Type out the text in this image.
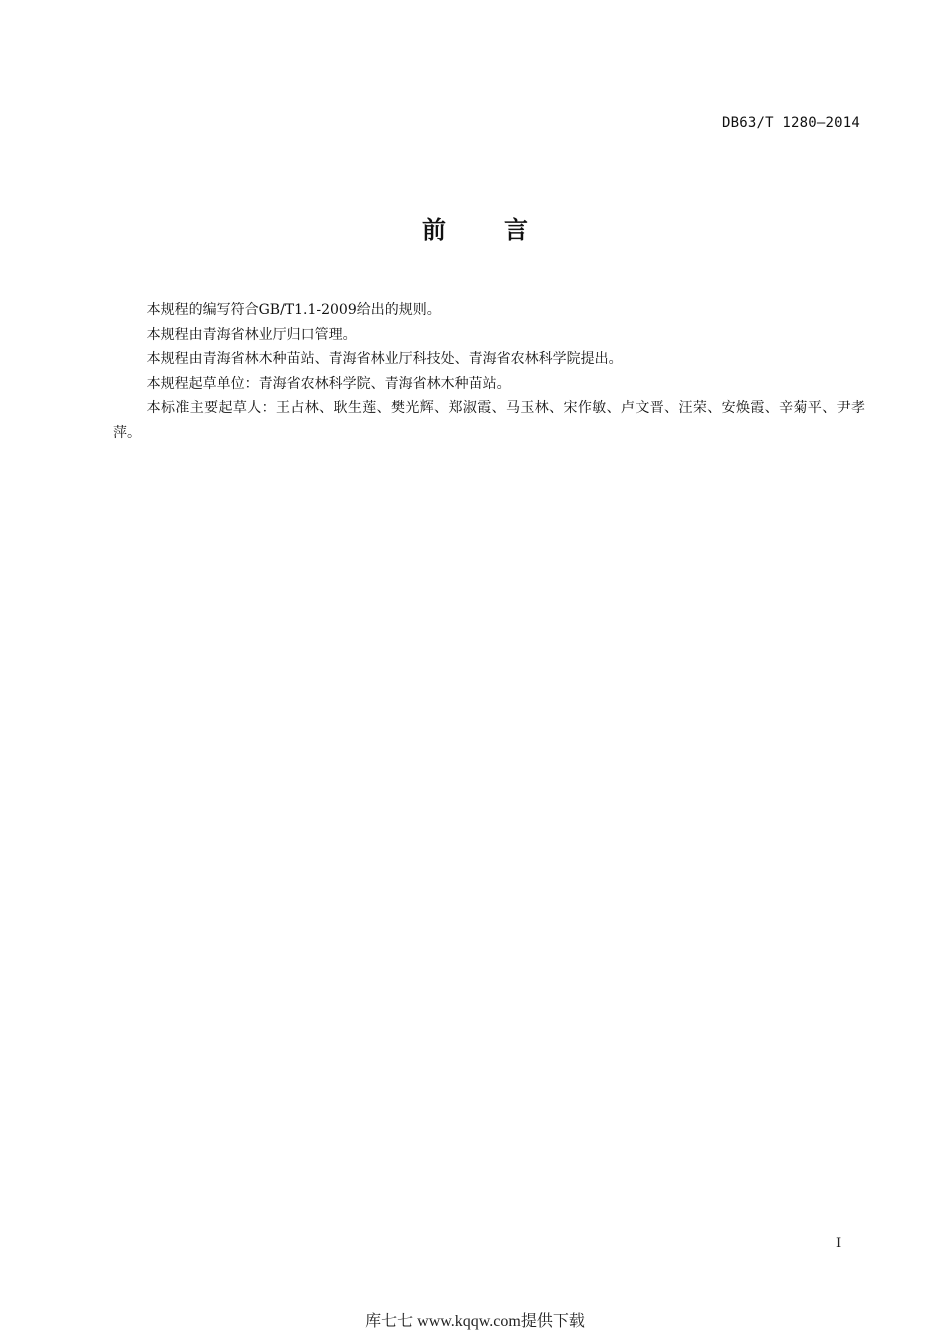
DB63/T 1280—2014
前 言

本规程的编写符合GB/T1.1-2009给出的规则。

本规程由青海省林业厅归口管理。

本规程由青海省林木种苗站、青海省林业厅科技处、青海省农林科学院提出。

本规程起草单位：青海省农林科学院、青海省林木种苗站。

本标准主要起草人：王占林、耿生莲、樊光辉、郑淑霞、马玉林、宋作敏、卢文晋、汪荣、安焕霞、辛菊平、尹孝萍。

I
库七七 www.kqqw.com提供下载
